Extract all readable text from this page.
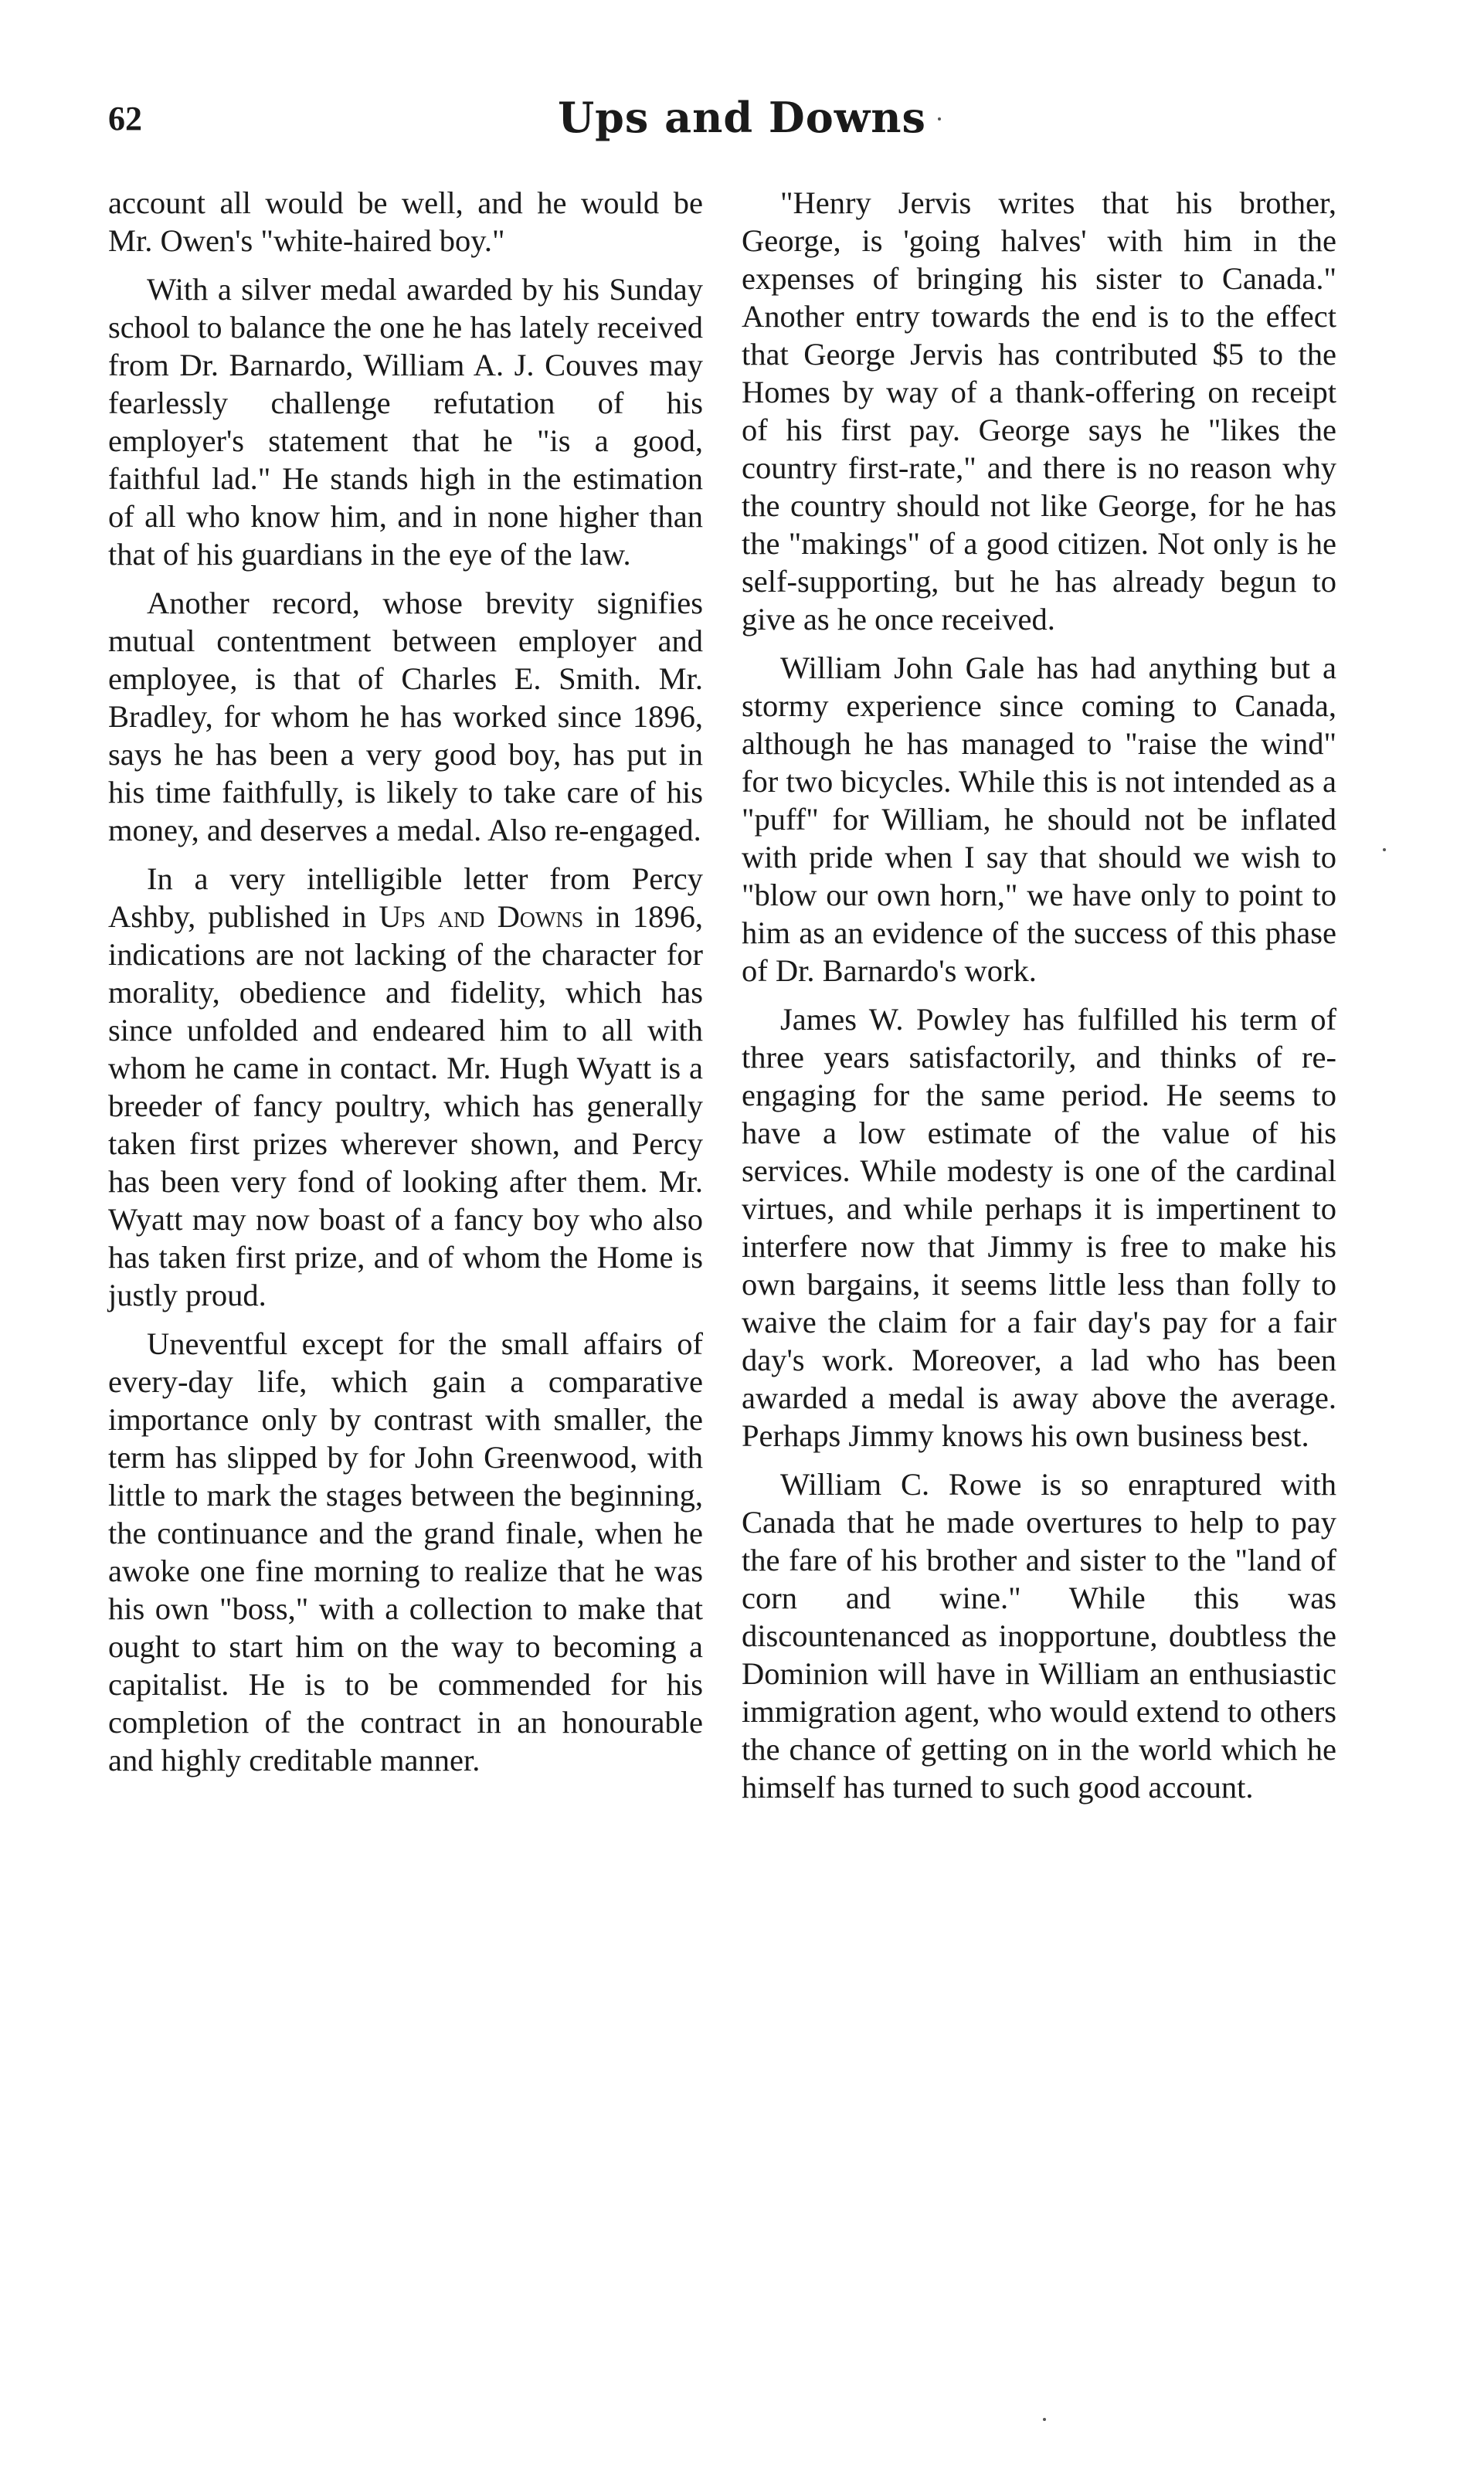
62	Ups and Downs

account all would be well, and he would be Mr. Owen's "white-haired boy."

With a silver medal awarded by his Sunday school to balance the one he has lately received from Dr. Barnardo, William A. J. Couves may fearlessly challenge refutation of his employer's statement that he "is a good, faithful lad." He stands high in the estimation of all who know him, and in none higher than that of his guardians in the eye of the law.

Another record, whose brevity signifies mutual contentment between employer and employee, is that of Charles E. Smith. Mr. Bradley, for whom he has worked since 1896, says he has been a very good boy, has put in his time faithfully, is likely to take care of his money, and deserves a medal. Also re-engaged.

In a very intelligible letter from Percy Ashby, published in Ups and Downs in 1896, indications are not lacking of the character for morality, obedience and fidelity, which has since unfolded and endeared him to all with whom he came in contact. Mr. Hugh Wyatt is a breeder of fancy poultry, which has generally taken first prizes wherever shown, and Percy has been very fond of looking after them. Mr. Wyatt may now boast of a fancy boy who also has taken first prize, and of whom the Home is justly proud.

Uneventful except for the small affairs of every-day life, which gain a comparative importance only by contrast with smaller, the term has slipped by for John Greenwood, with little to mark the stages between the beginning, the continuance and the grand finale, when he awoke one fine morning to realize that he was his own "boss," with a collection to make that ought to start him on the way to becoming a capitalist. He is to be commended for his completion of the contract in an honourable and highly creditable manner.

"Henry Jervis writes that his brother, George, is 'going halves' with him in the expenses of bringing his sister to Canada." Another entry towards the end is to the effect that George Jervis has contributed $5 to the Homes by way of a thank-offering on receipt of his first pay. George says he "likes the country first-rate," and there is no reason why the country should not like George, for he has the "makings" of a good citizen. Not only is he self-supporting, but he has already begun to give as he once received.

William John Gale has had anything but a stormy experience since coming to Canada, although he has managed to "raise the wind" for two bicycles. While this is not intended as a "puff" for William, he should not be inflated with pride when I say that should we wish to "blow our own horn," we have only to point to him as an evidence of the success of this phase of Dr. Barnardo's work.

James W. Powley has fulfilled his term of three years satisfactorily, and thinks of re-engaging for the same period. He seems to have a low estimate of the value of his services. While modesty is one of the cardinal virtues, and while perhaps it is impertinent to interfere now that Jimmy is free to make his own bargains, it seems little less than folly to waive the claim for a fair day's pay for a fair day's work. Moreover, a lad who has been awarded a medal is away above the average. Perhaps Jimmy knows his own business best.

William C. Rowe is so enraptured with Canada that he made overtures to help to pay the fare of his brother and sister to the "land of corn and wine." While this was discountenanced as inopportune, doubtless the Dominion will have in William an enthusiastic immigration agent, who would extend to others the chance of getting on in the world which he himself has turned to such good account.
